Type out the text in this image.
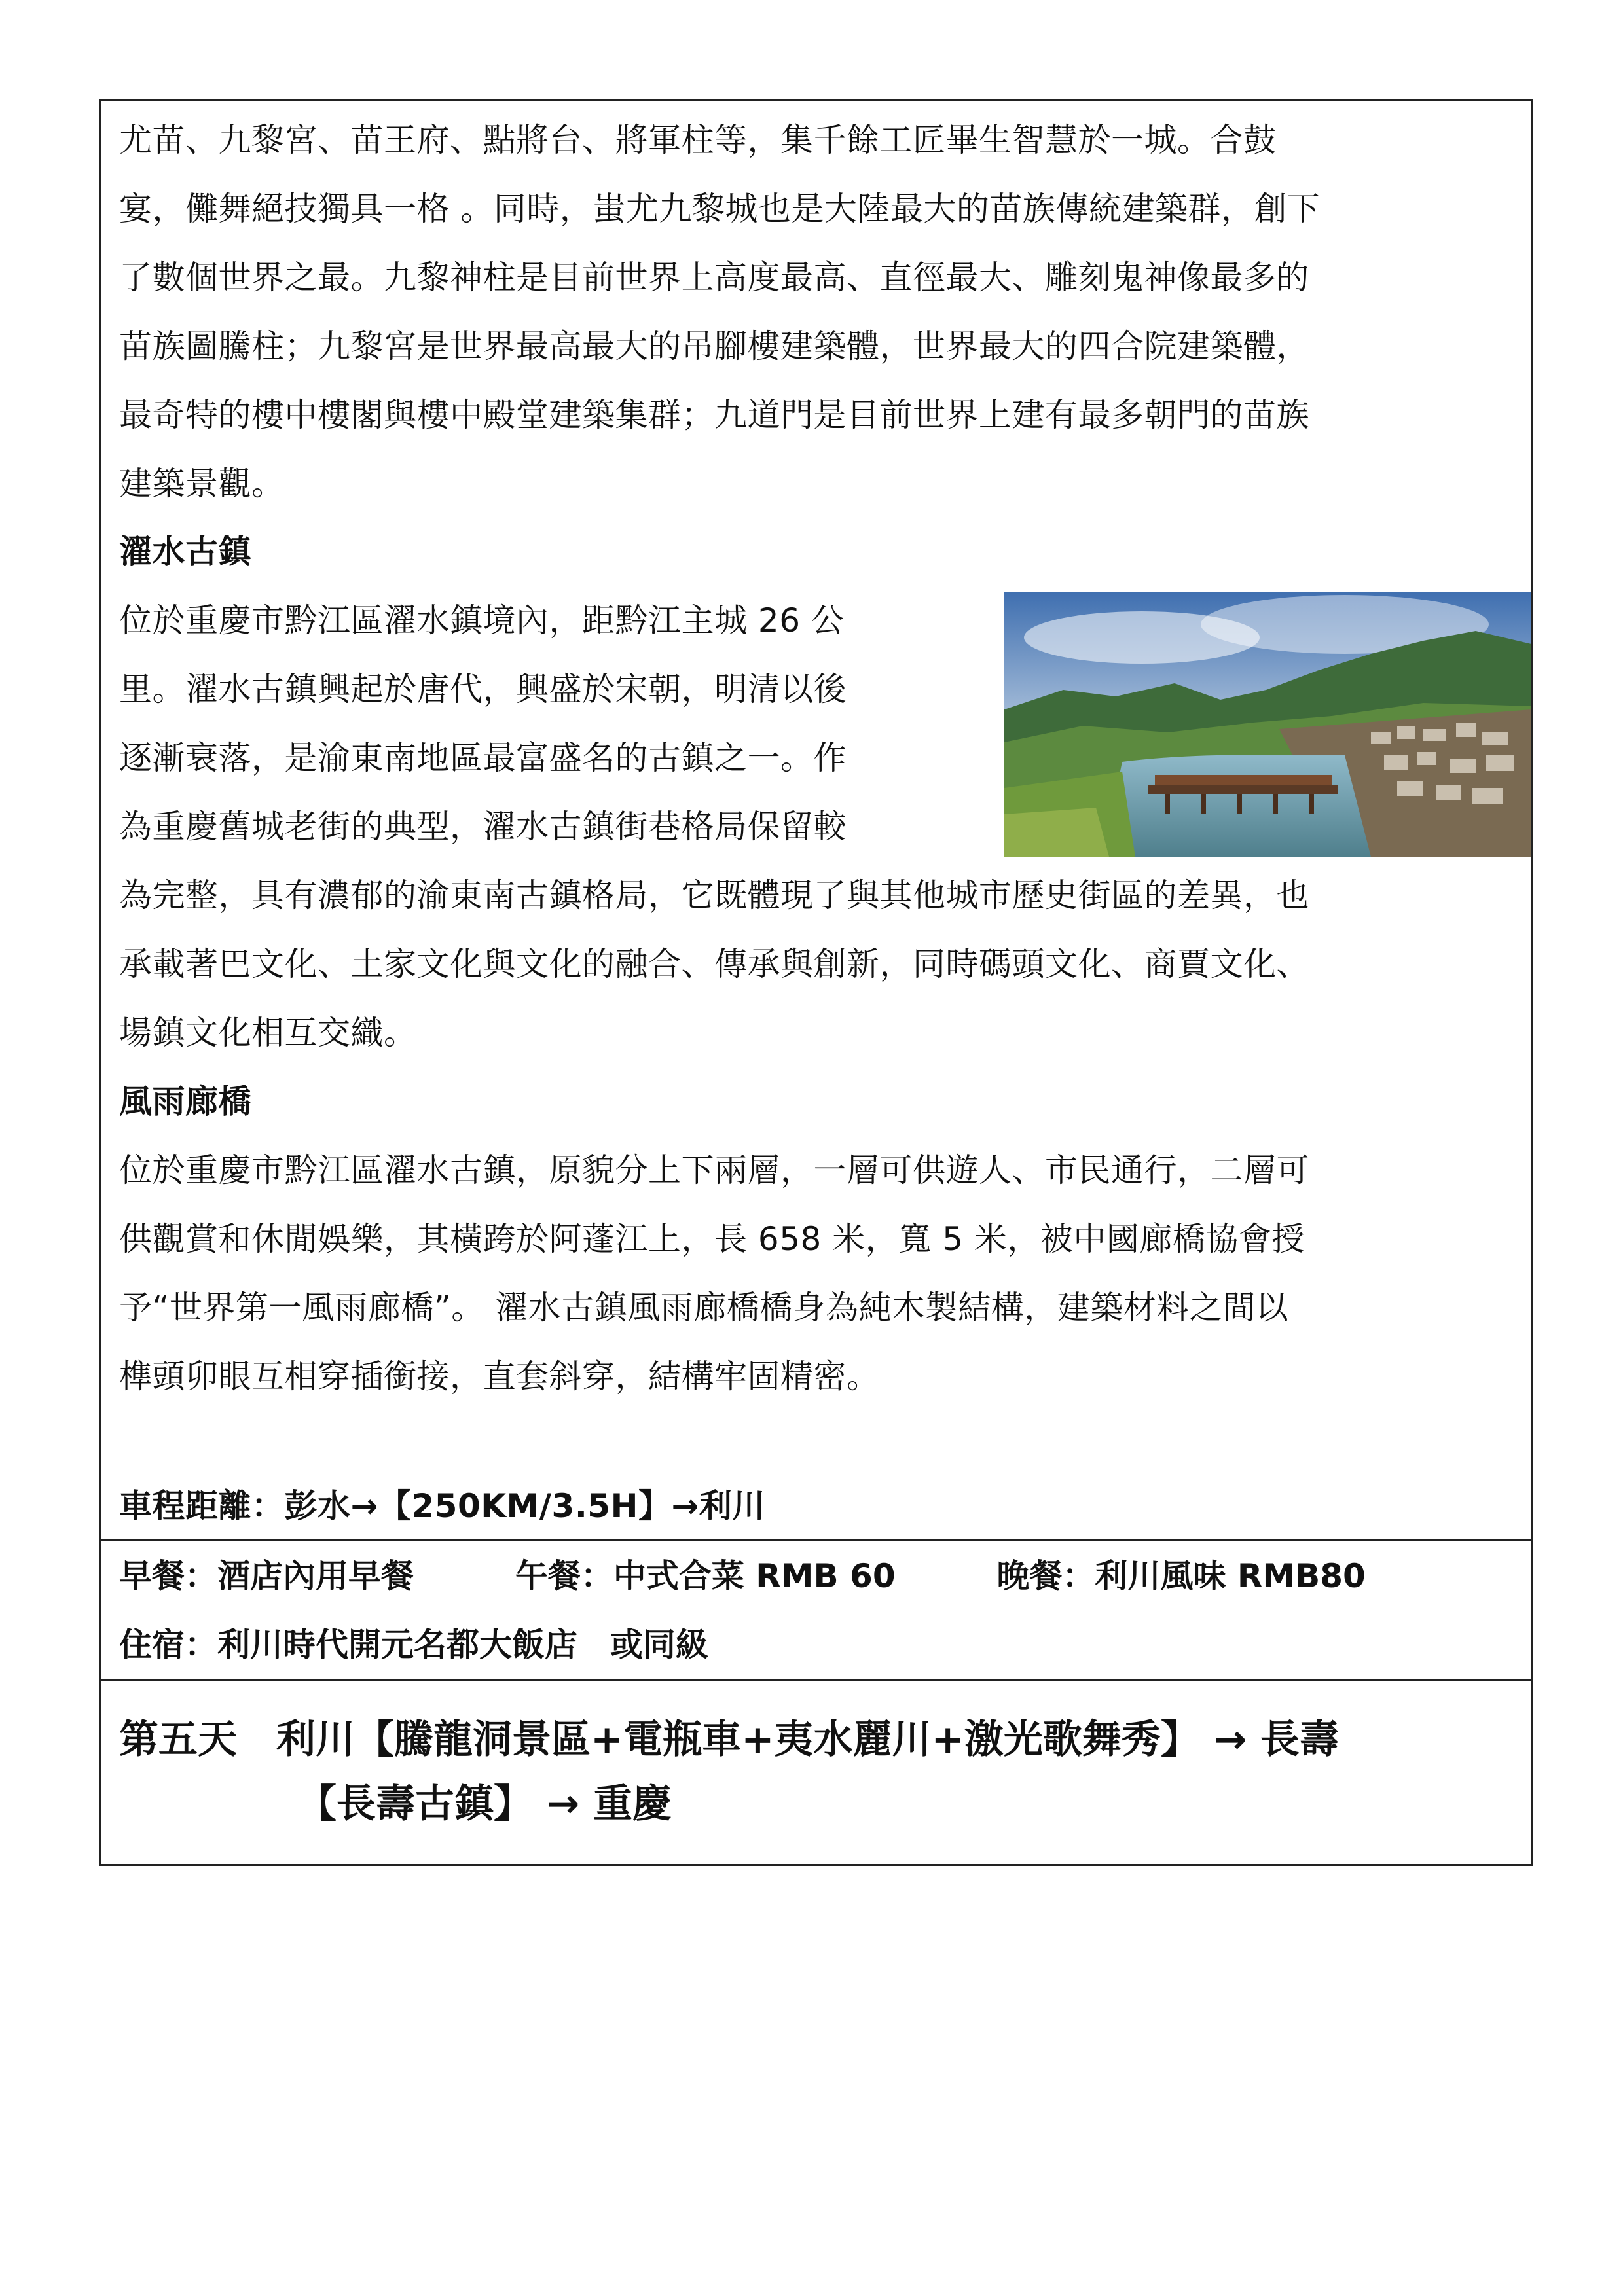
尤苗、九黎宮、苗王府、點將台、將軍柱等，集千餘工匠畢生智慧於一城。合鼓
宴，儺舞絕技獨具一格 。同時，蚩尤九黎城也是大陸最大的苗族傳統建築群，創下
了數個世界之最。九黎神柱是目前世界上高度最高、直徑最大、雕刻鬼神像最多的
苗族圖騰柱；九黎宮是世界最高最大的吊腳樓建築體，世界最大的四合院建築體，
最奇特的樓中樓閣與樓中殿堂建築集群；九道門是目前世界上建有最多朝門的苗族
建築景觀。
濯水古鎮
位於重慶市黔江區濯水鎮境內，距黔江主城 26 公
里。濯水古鎮興起於唐代，興盛於宋朝，明清以後
逐漸衰落，是渝東南地區最富盛名的古鎮之一。作
為重慶舊城老街的典型，濯水古鎮街巷格局保留較
為完整，具有濃郁的渝東南古鎮格局，它既體現了與其他城市歷史街區的差異，也
承載著巴文化、土家文化與文化的融合、傳承與創新，同時碼頭文化、商賈文化、
場鎮文化相互交織。
風雨廊橋
位於重慶市黔江區濯水古鎮，原貌分上下兩層，一層可供遊人、市民通行，二層可
供觀賞和休閒娛樂，其橫跨於阿蓬江上，長 658 米，寬 5 米，被中國廊橋協會授
予“世界第一風雨廊橋”。 濯水古鎮風雨廊橋橋身為純木製結構，建築材料之間以
榫頭卯眼互相穿插銜接，直套斜穿，結構牢固精密。
車程距離：彭水→【250KM/3.5H】→利川
早餐：酒店內用早餐	午餐：中式合菜 RMB 60	晚餐：利川風味 RMB80
住宿：利川時代開元名都大飯店　或同級
第五天　利川【騰龍洞景區+電瓶車+夷水麗川+激光歌舞秀】 → 長壽
【長壽古鎮】 → 重慶
